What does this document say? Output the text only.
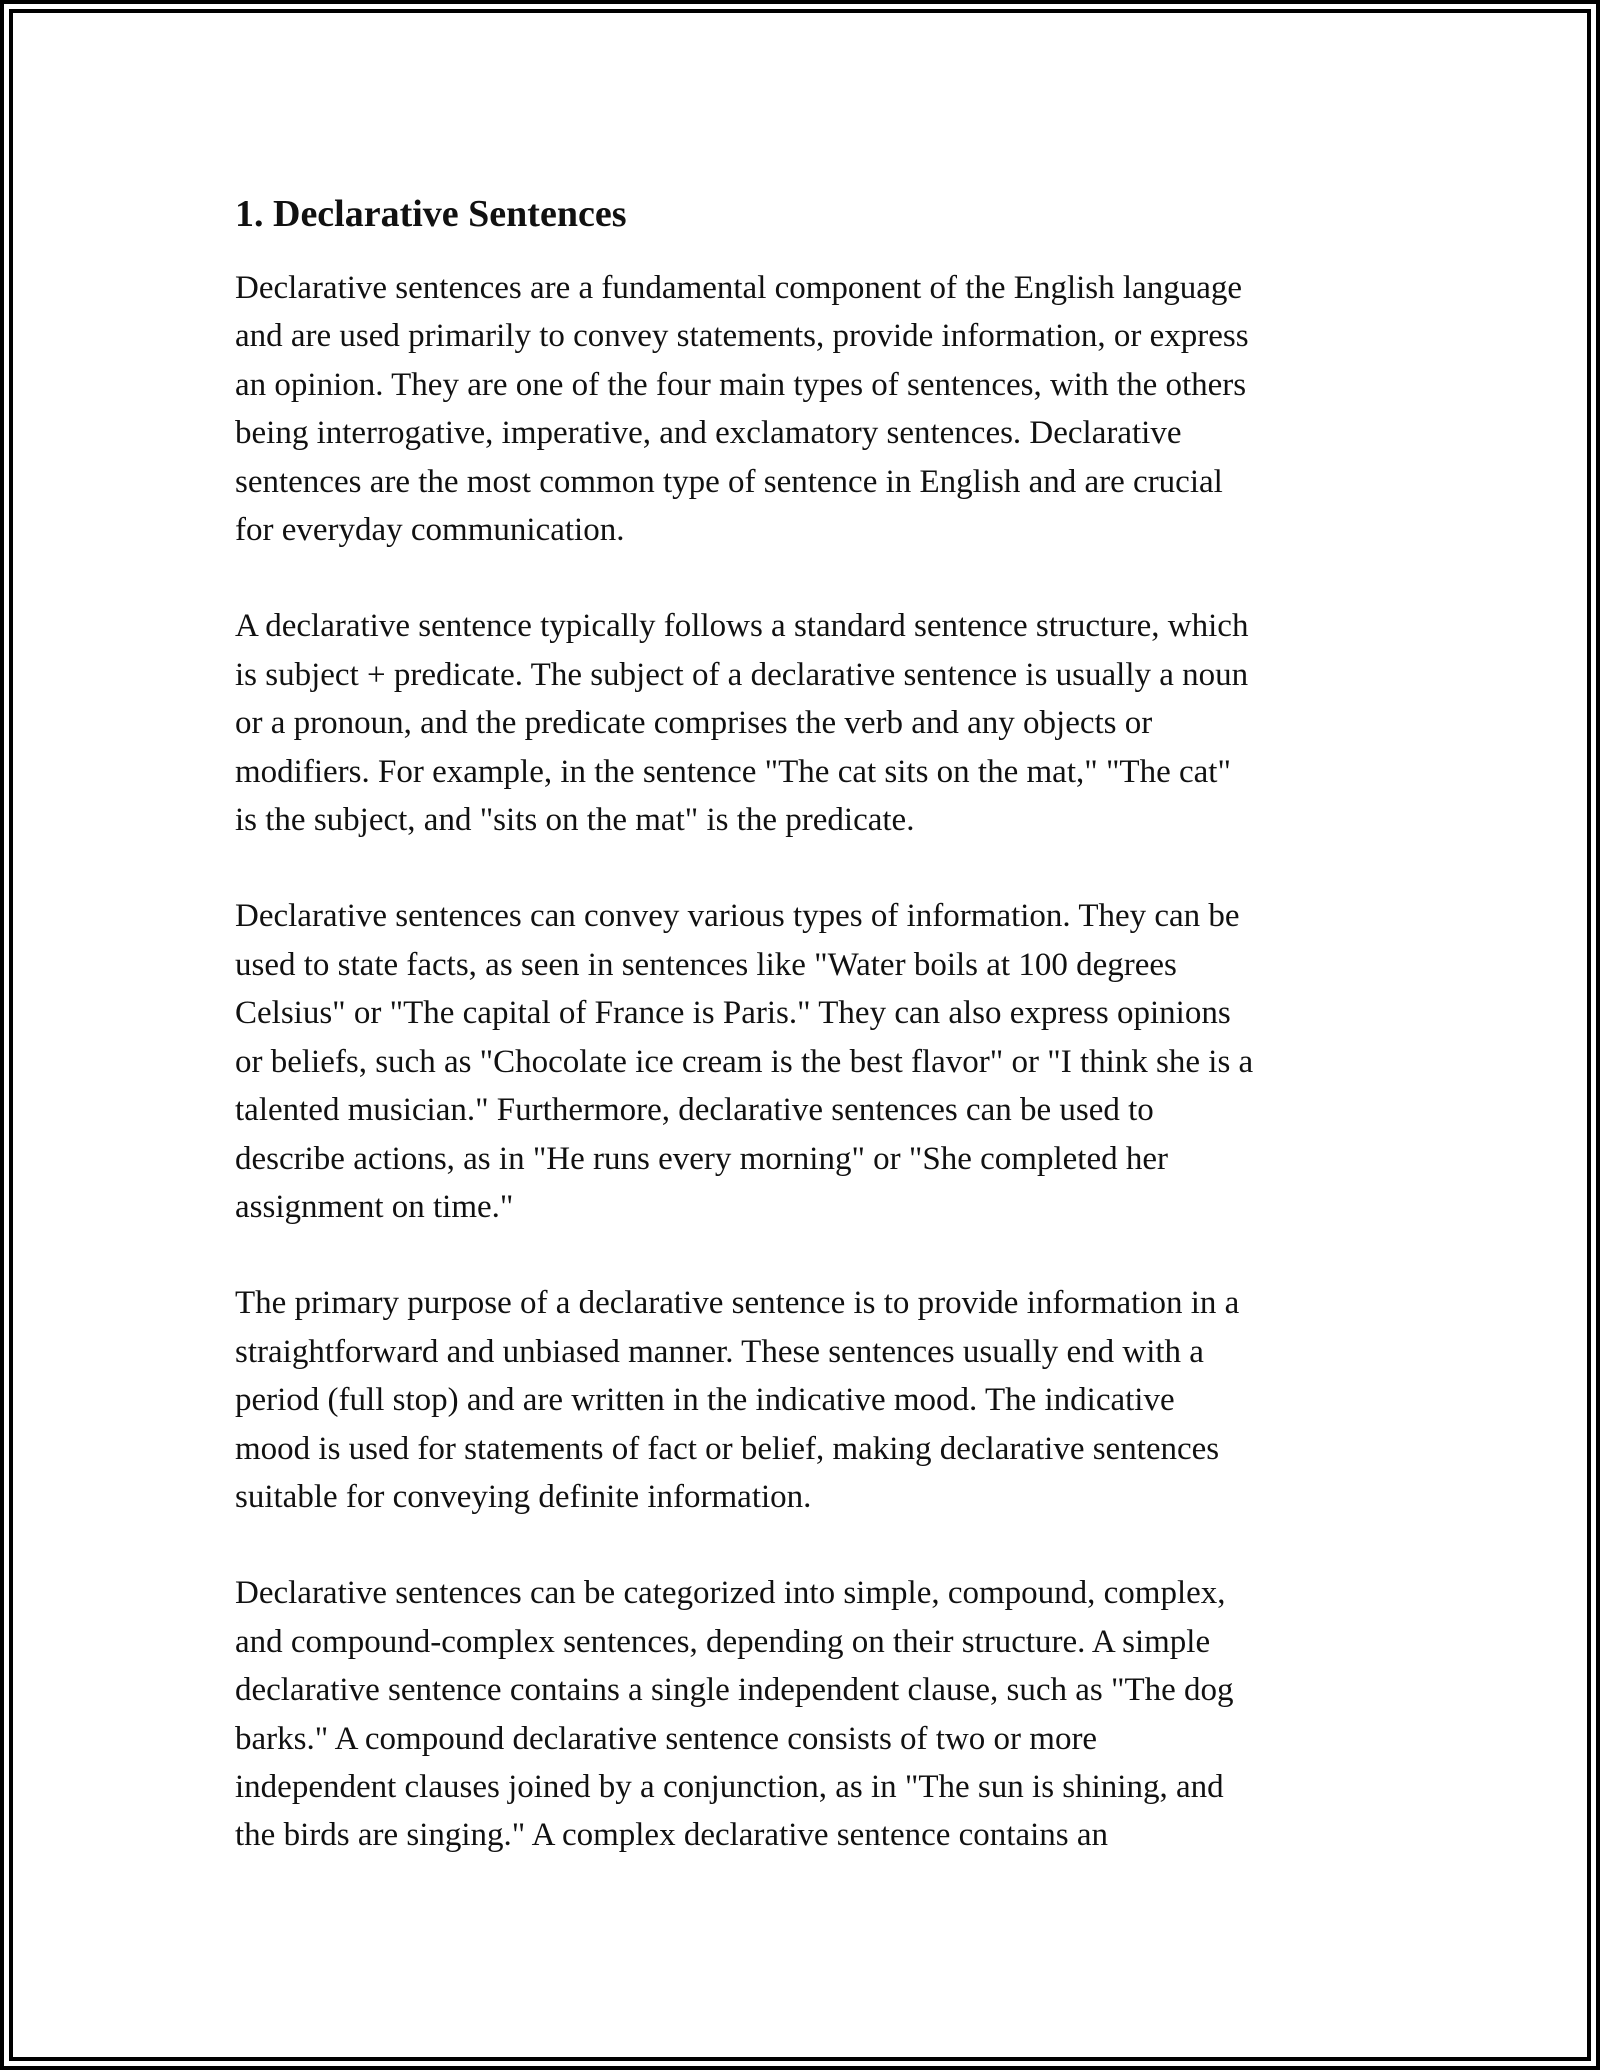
1. Declarative Sentences

Declarative sentences are a fundamental component of the English language
and are used primarily to convey statements, provide information, or express
an opinion. They are one of the four main types of sentences, with the others
being interrogative, imperative, and exclamatory sentences. Declarative
sentences are the most common type of sentence in English and are crucial
for everyday communication.

A declarative sentence typically follows a standard sentence structure, which
is subject + predicate. The subject of a declarative sentence is usually a noun
or a pronoun, and the predicate comprises the verb and any objects or
modifiers. For example, in the sentence "The cat sits on the mat," "The cat"
is the subject, and "sits on the mat" is the predicate.

Declarative sentences can convey various types of information. They can be
used to state facts, as seen in sentences like "Water boils at 100 degrees
Celsius" or "The capital of France is Paris." They can also express opinions
or beliefs, such as "Chocolate ice cream is the best flavor" or "I think she is a
talented musician." Furthermore, declarative sentences can be used to
describe actions, as in "He runs every morning" or "She completed her
assignment on time."

The primary purpose of a declarative sentence is to provide information in a
straightforward and unbiased manner. These sentences usually end with a
period (full stop) and are written in the indicative mood. The indicative
mood is used for statements of fact or belief, making declarative sentences
suitable for conveying definite information.

Declarative sentences can be categorized into simple, compound, complex,
and compound-complex sentences, depending on their structure. A simple
declarative sentence contains a single independent clause, such as "The dog
barks." A compound declarative sentence consists of two or more
independent clauses joined by a conjunction, as in "The sun is shining, and
the birds are singing." A complex declarative sentence contains an
